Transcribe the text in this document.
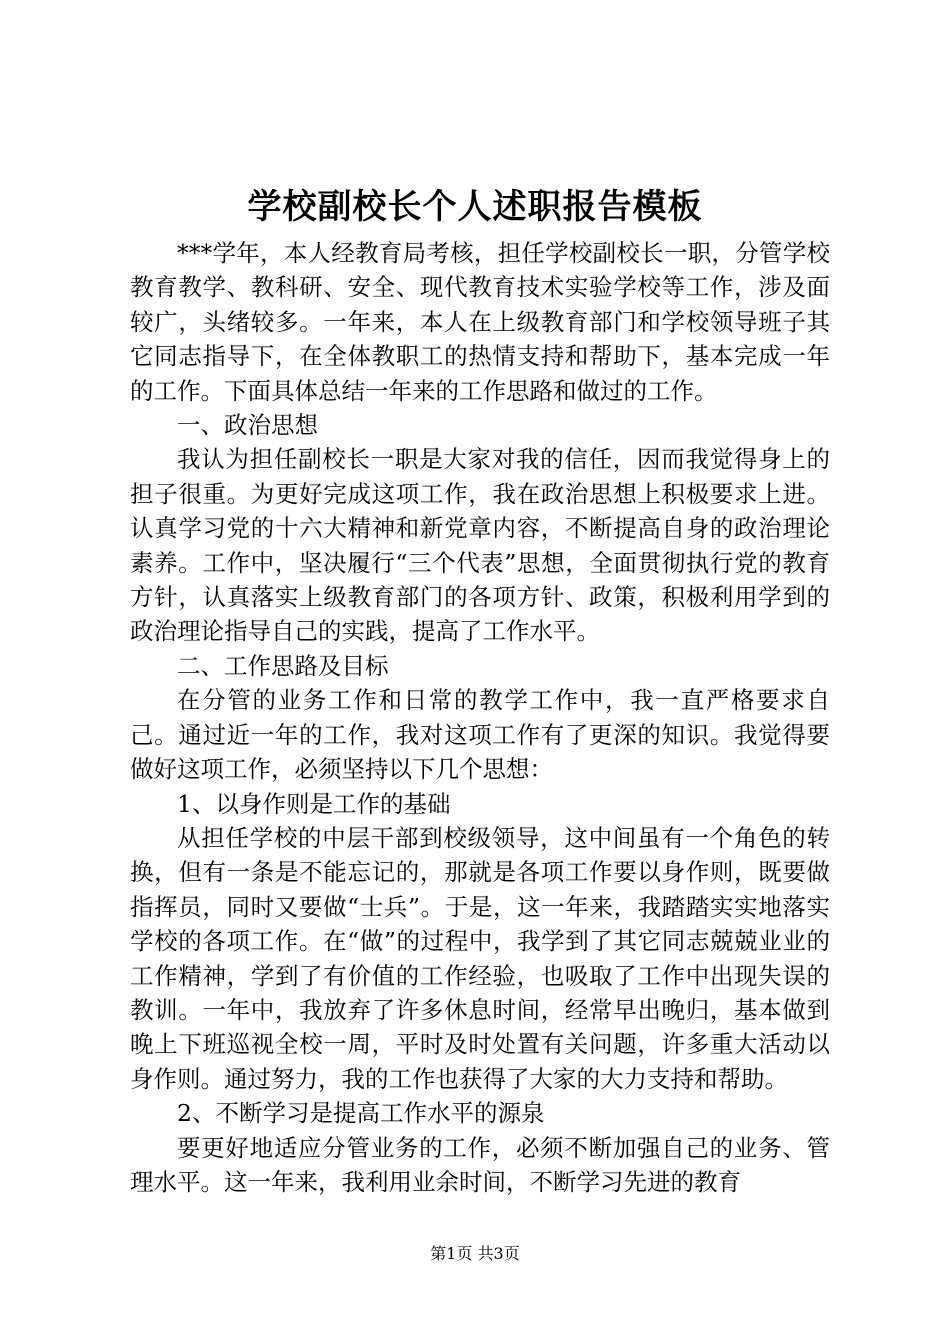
学校副校长个人述职报告模板

***学年，本人经教育局考核，担任学校副校长一职，分管学校教育教学、教科研、安全、现代教育技术实验学校等工作，涉及面较广，头绪较多。一年来，本人在上级教育部门和学校领导班子其它同志指导下，在全体教职工的热情支持和帮助下，基本完成一年的工作。下面具体总结一年来的工作思路和做过的工作。

一、政治思想

我认为担任副校长一职是大家对我的信任，因而我觉得身上的担子很重。为更好完成这项工作，我在政治思想上积极要求上进。认真学习党的十六大精神和新党章内容，不断提高自身的政治理论素养。工作中，坚决履行“三个代表”思想，全面贯彻执行党的教育方针，认真落实上级教育部门的各项方针、政策，积极利用学到的政治理论指导自己的实践，提高了工作水平。

二、工作思路及目标

在分管的业务工作和日常的教学工作中，我一直严格要求自己。通过近一年的工作，我对这项工作有了更深的知识。我觉得要做好这项工作，必须坚持以下几个思想：

1、以身作则是工作的基础

从担任学校的中层干部到校级领导，这中间虽有一个角色的转换，但有一条是不能忘记的，那就是各项工作要以身作则，既要做指挥员，同时又要做“士兵”。于是，这一年来，我踏踏实实地落实学校的各项工作。在“做”的过程中，我学到了其它同志兢兢业业的工作精神，学到了有价值的工作经验，也吸取了工作中出现失误的教训。一年中，我放弃了许多休息时间，经常早出晚归，基本做到晚上下班巡视全校一周，平时及时处置有关问题，许多重大活动以身作则。通过努力，我的工作也获得了大家的大力支持和帮助。

2、不断学习是提高工作水平的源泉

要更好地适应分管业务的工作，必须不断加强自己的业务、管理水平。这一年来，我利用业余时间，不断学习先进的教育

第1页 共3页
